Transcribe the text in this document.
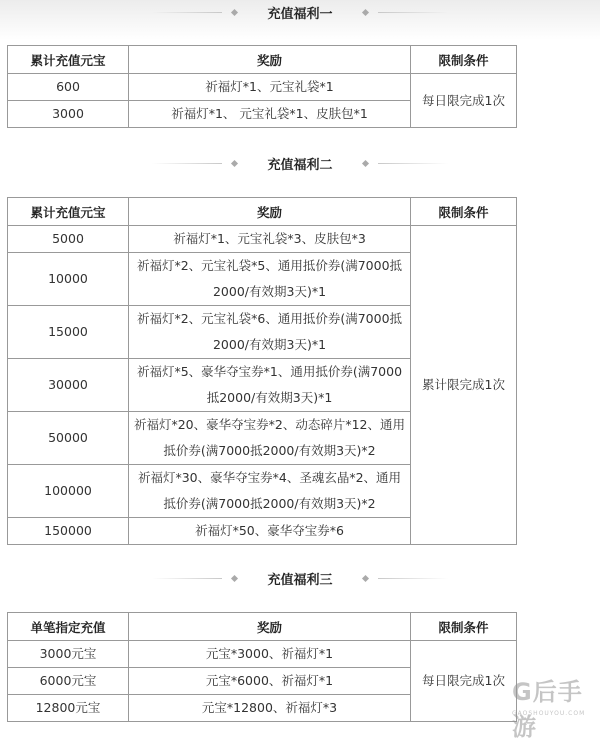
充值福利一
累计充值元宝	奖励	限制条件
600	祈福灯*1、元宝礼袋*1	每日限完成1次
3000	祈福灯*1、 元宝礼袋*1、皮肤包*1	
充值福利二
累计充值元宝	奖励	限制条件
5000	祈福灯*1、元宝礼袋*3、皮肤包*3	累计限完成1次
10000	祈福灯*2、元宝礼袋*5、通用抵价券(满7000抵2000/有效期3天)*1	
15000	祈福灯*2、元宝礼袋*6、通用抵价券(满7000抵2000/有效期3天)*1	
30000	祈福灯*5、豪华夺宝券*1、通用抵价券(满7000抵2000/有效期3天)*1	
50000	祈福灯*20、豪华夺宝券*2、动态碎片*12、通用抵价券(满7000抵2000/有效期3天)*2	
100000	祈福灯*30、豪华夺宝券*4、圣魂玄晶*2、通用抵价券(满7000抵2000/有效期3天)*2	
150000	祈福灯*50、豪华夺宝券*6	
充值福利三
单笔指定充值	奖励	限制条件
3000元宝	元宝*3000、祈福灯*1	每日限完成1次
6000元宝	元宝*6000、祈福灯*1	
12800元宝	元宝*12800、祈福灯*3	
G后手游
GAOSHOUYOU.COM
